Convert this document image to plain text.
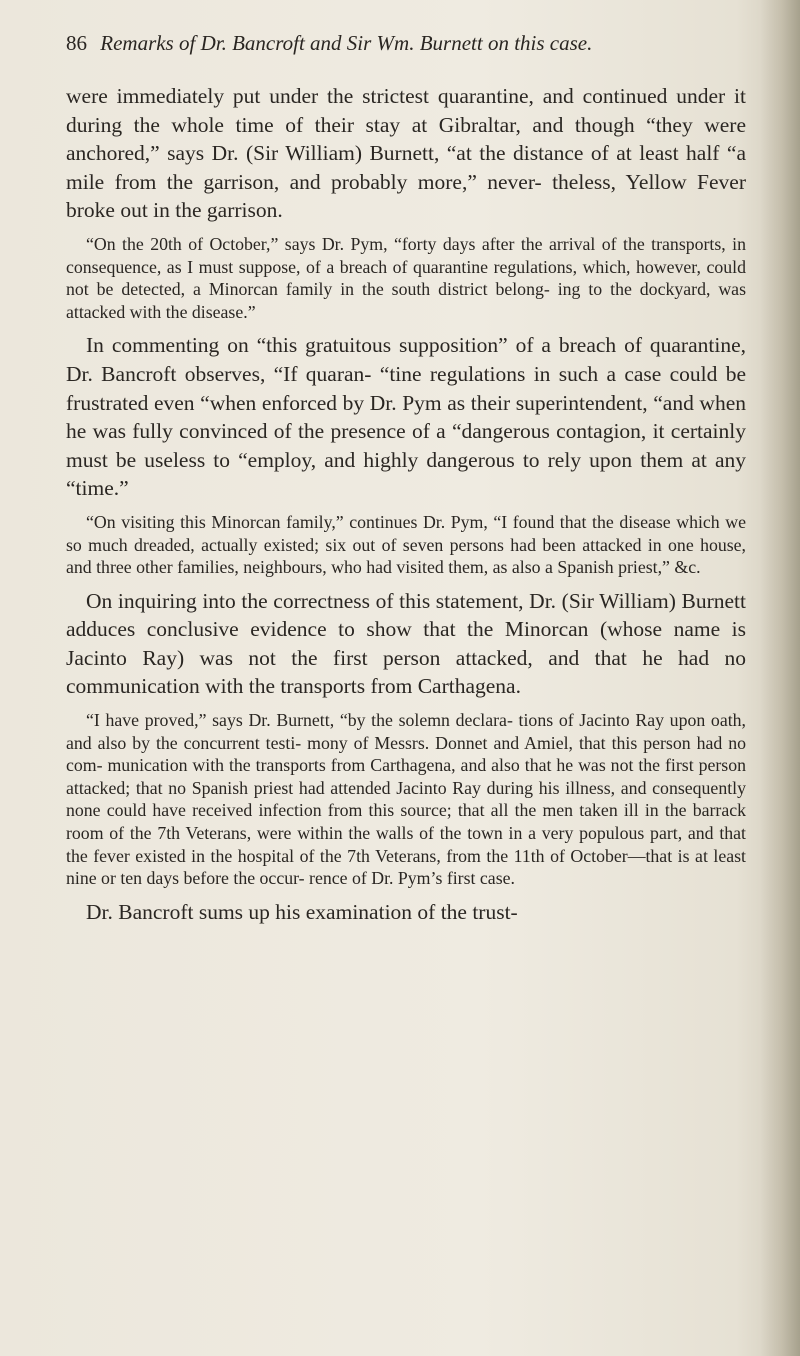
86 Remarks of Dr. Bancroft and Sir Wm. Burnett on this case.

were immediately put under the strictest quarantine, and continued under it during the whole time of their stay at Gibraltar, and though “they were anchored,” says Dr. (Sir William) Burnett, “at the distance of at least half “a mile from the garrison, and probably more,” never- theless, Yellow Fever broke out in the garrison.

“On the 20th of October,” says Dr. Pym, “forty days after the arrival of the transports, in consequence, as I must suppose, of a breach of quarantine regulations, which, however, could not be detected, a Minorcan family in the south district belong- ing to the dockyard, was attacked with the disease.”

In commenting on “this gratuitous supposition” of a breach of quarantine, Dr. Bancroft observes, “If quaran- “tine regulations in such a case could be frustrated even “when enforced by Dr. Pym as their superintendent, “and when he was fully convinced of the presence of a “dangerous contagion, it certainly must be useless to “employ, and highly dangerous to rely upon them at any “time.”

“On visiting this Minorcan family,” continues Dr. Pym, “I found that the disease which we so much dreaded, actually existed; six out of seven persons had been attacked in one house, and three other families, neighbours, who had visited them, as also a Spanish priest,” &c.

On inquiring into the correctness of this statement, Dr. (Sir William) Burnett adduces conclusive evidence to show that the Minorcan (whose name is Jacinto Ray) was not the first person attacked, and that he had no communication with the transports from Carthagena.

“I have proved,” says Dr. Burnett, “by the solemn declara- tions of Jacinto Ray upon oath, and also by the concurrent testi- mony of Messrs. Donnet and Amiel, that this person had no com- munication with the transports from Carthagena, and also that he was not the first person attacked; that no Spanish priest had attended Jacinto Ray during his illness, and consequently none could have received infection from this source; that all the men taken ill in the barrack room of the 7th Veterans, were within the walls of the town in a very populous part, and that the fever existed in the hospital of the 7th Veterans, from the 11th of October—that is at least nine or ten days before the occur- rence of Dr. Pym’s first case.

Dr. Bancroft sums up his examination of the trust-
